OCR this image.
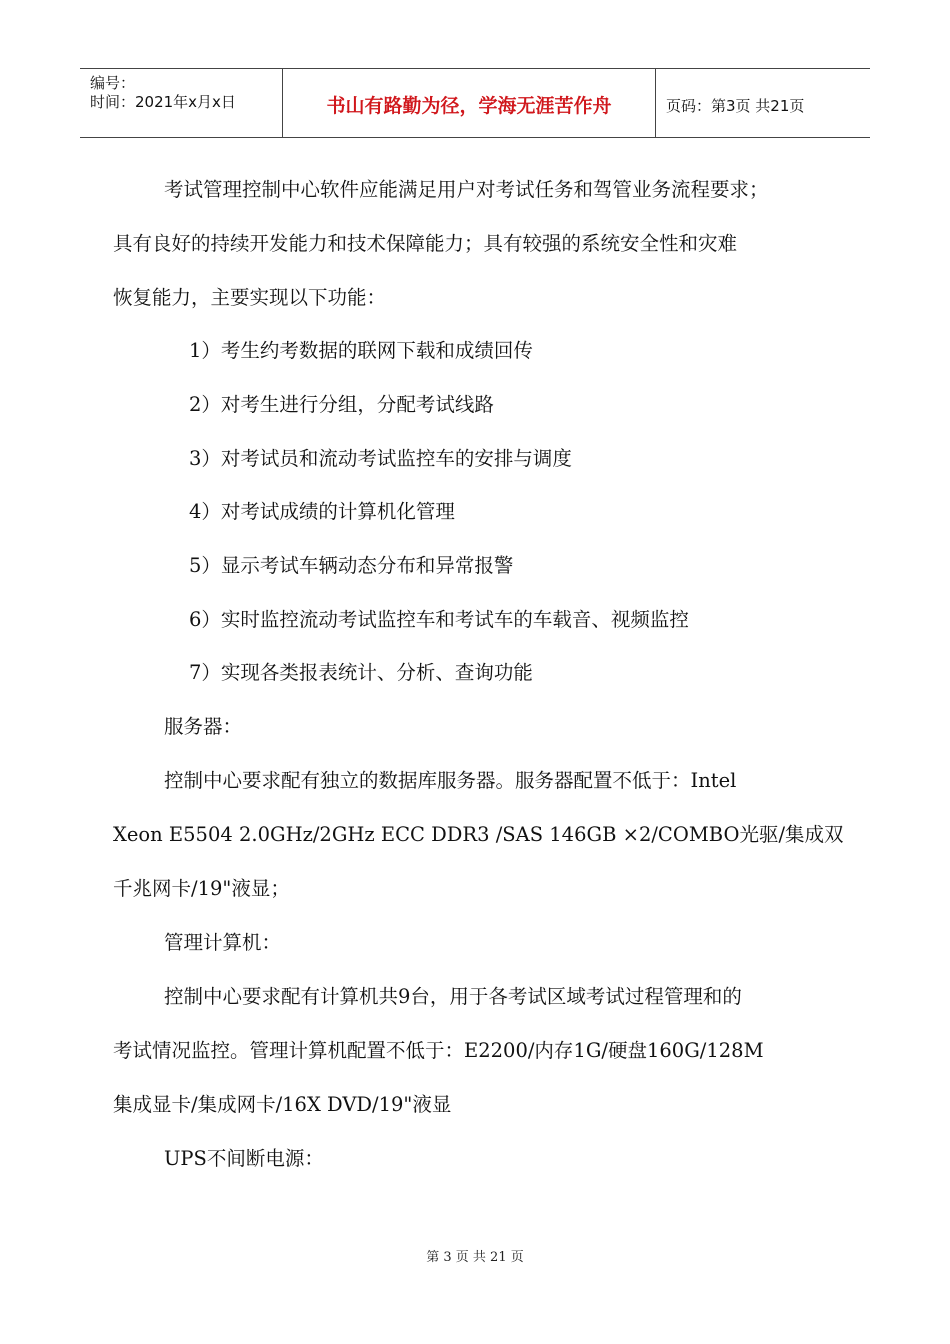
编号：
时间：2021年x月x日	书山有路勤为径，学海无涯苦作舟	页码：第3页 共21页
考试管理控制中心软件应能满足用户对考试任务和驾管业务流程要求；
具有良好的持续开发能力和技术保障能力；具有较强的系统安全性和灾难
恢复能力，主要实现以下功能：
1）考生约考数据的联网下载和成绩回传
2）对考生进行分组，分配考试线路
3）对考试员和流动考试监控车的安排与调度
4）对考试成绩的计算机化管理
5）显示考试车辆动态分布和异常报警
6）实时监控流动考试监控车和考试车的车载音、视频监控
7）实现各类报表统计、分析、查询功能
服务器：
控制中心要求配有独立的数据库服务器。服务器配置不低于：Intel
Xeon E5504 2.0GHz/2GHz ECC DDR3 /SAS 146GB ×2/COMBO光驱/集成双
千兆网卡/19"液显；
管理计算机：
控制中心要求配有计算机共9台，用于各考试区域考试过程管理和的
考试情况监控。管理计算机配置不低于：E2200/内存1G/硬盘160G/128M
集成显卡/集成网卡/16X DVD/19"液显
UPS不间断电源：
第 3 页 共 21 页
